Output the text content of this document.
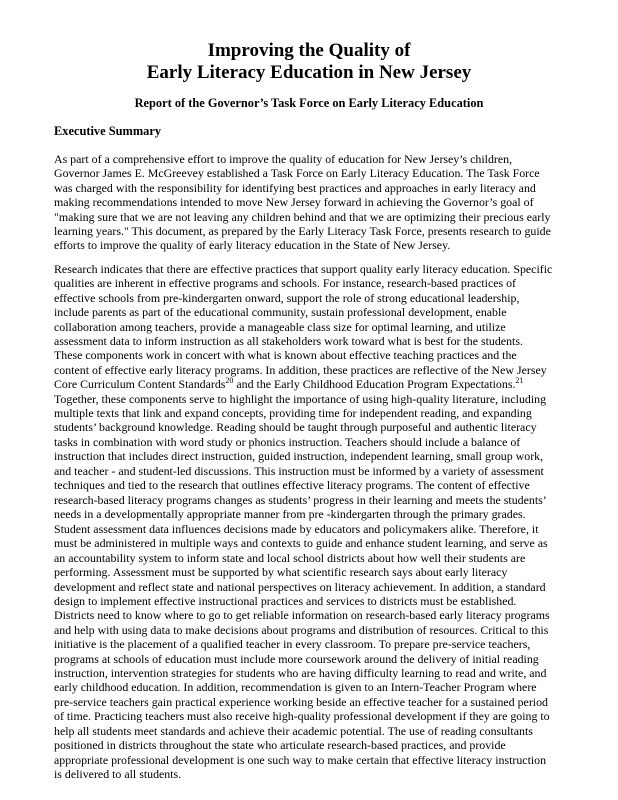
Improving the Quality of
Early Literacy Education in New Jersey
Report of the Governor’s Task Force on Early Literacy Education
Executive Summary
As part of a comprehensive effort to improve the quality of education for New Jersey’s children,
Governor James E. McGreevey established a Task Force on Early Literacy Education. The Task Force
was charged with the responsibility for identifying best practices and approaches in early literacy and
making recommendations intended to move New Jersey forward in achieving the Governor’s goal of
"making sure that we are not leaving any children behind and that we are optimizing their precious early
learning years." This document, as prepared by the Early Literacy Task Force, presents research to guide
efforts to improve the quality of early literacy education in the State of New Jersey.
Research indicates that there are effective practices that support quality early literacy education. Specific
qualities are inherent in effective programs and schools. For instance, research-based practices of
effective schools from pre-kindergarten onward, support the role of strong educational leadership,
include parents as part of the educational community, sustain professional development, enable
collaboration among teachers, provide a manageable class size for optimal learning, and utilize
assessment data to inform instruction as all stakeholders work toward what is best for the students.
These components work in concert with what is known about effective teaching practices and the
content of effective early literacy programs. In addition, these practices are reflective of the New Jersey
Core Curriculum Content Standards$^{20}$ and the Early Childhood Education Program Expectations.$^{21}$
Together, these components serve to highlight the importance of using high-quality literature, including
multiple texts that link and expand concepts, providing time for independent reading, and expanding
students’ background knowledge. Reading should be taught through purposeful and authentic literacy
tasks in combination with word study or phonics instruction. Teachers should include a balance of
instruction that includes direct instruction, guided instruction, independent learning, small group work,
and teacher - and student-led discussions. This instruction must be informed by a variety of assessment
techniques and tied to the research that outlines effective literacy programs. The content of effective
research-based literacy programs changes as students’ progress in their learning and meets the students’
needs in a developmentally appropriate manner from pre -kindergarten through the primary grades.
Student assessment data influences decisions made by educators and policymakers alike. Therefore, it
must be administered in multiple ways and contexts to guide and enhance student learning, and serve as
an accountability system to inform state and local school districts about how well their students are
performing. Assessment must be supported by what scientific research says about early literacy
development and reflect state and national perspectives on literacy achievement. In addition, a standard
design to implement effective instructional practices and services to districts must be established.
Districts need to know where to go to get reliable information on research-based early literacy programs
and help with using data to make decisions about programs and distribution of resources. Critical to this
initiative is the placement of a qualified teacher in every classroom. To prepare pre-service teachers,
programs at schools of education must include more coursework around the delivery of initial reading
instruction, intervention strategies for students who are having difficulty learning to read and write, and
early childhood education. In addition, recommendation is given to an Intern-Teacher Program where
pre-service teachers gain practical experience working beside an effective teacher for a sustained period
of time. Practicing teachers must also receive high-quality professional development if they are going to
help all students meet standards and achieve their academic potential. The use of reading consultants
positioned in districts throughout the state who articulate research-based practices, and provide
appropriate professional development is one such way to make certain that effective literacy instruction
is delivered to all students.
